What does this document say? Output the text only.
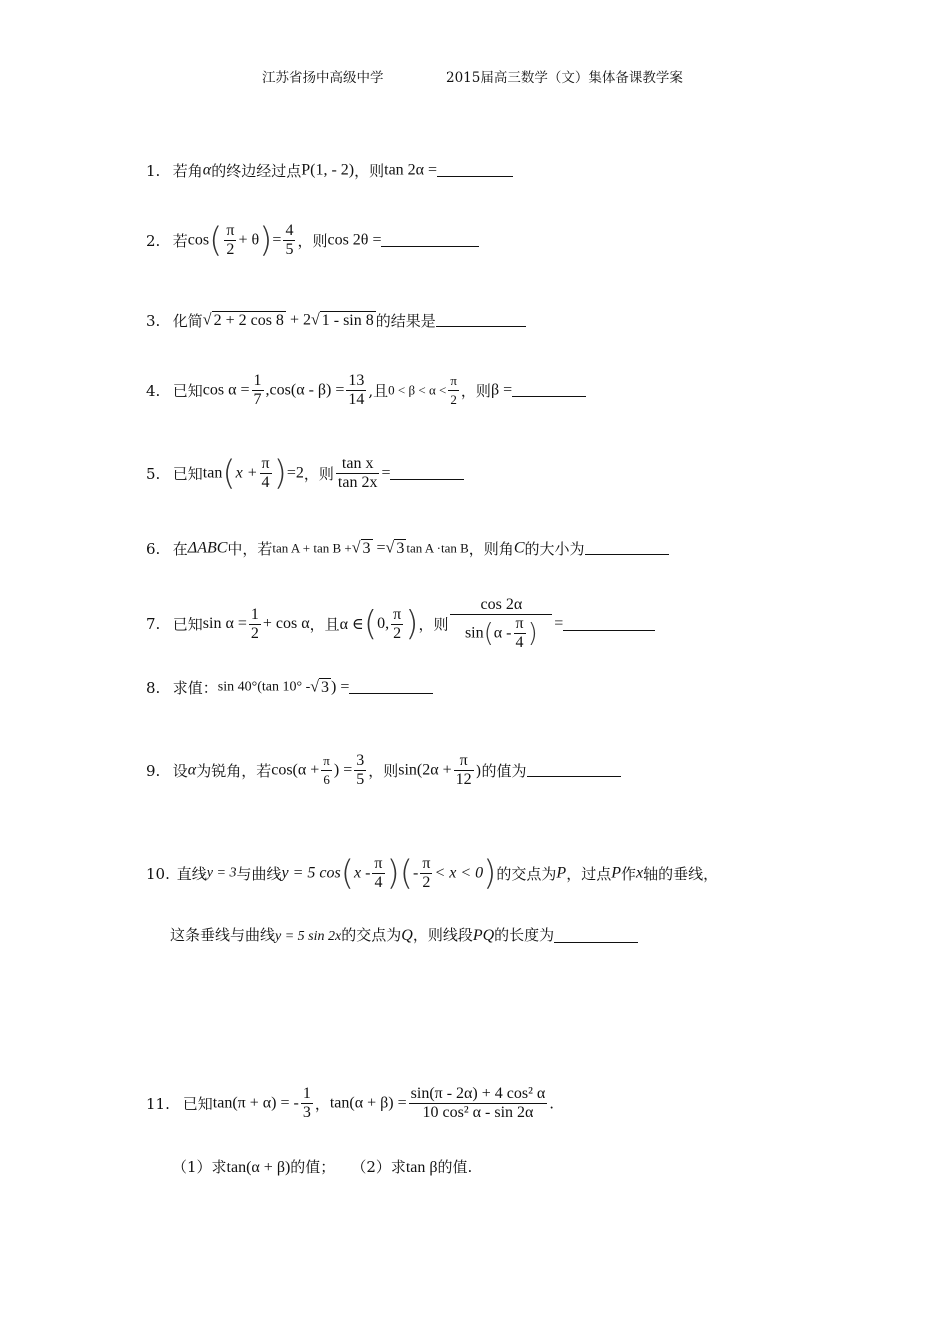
江苏省扬中高级中学	2015届高三数学（文）集体备课教学案
1. 若角α的终边经过点P(1, - 2)，则tan 2α =
2. 若$\cos( \frac{\pi}{2} + \theta)= \frac{4}{5}$ ，则cos 2θ =
3. 化简√ 2 + 2 cos 8 + 2√ 1 - sin 8 的结果是
4. 已知$\cos \alpha = \frac{1}{7} ,\cos(\alpha - \beta) = \frac{13}{14}$ ,且$0 < \beta < \alpha < \frac{\pi}{2}$ ，则β =
5. 已知$\tan(x + \frac{\pi}{4} )=2$，则 $\frac{\text{tan x}}{\tan 2x}$ =
6. 在ΔABC中，若tan A + tan B +√ 3 =√ 3 tan A ·tan B，则角C的大小为
7. 已知$\sin \alpha = \frac{1}{2} + \cos \alpha$，且α ∈(0, $\frac{\pi}{2}$ )，则 $\frac{\cos 2\alpha}{\sin(\alpha - \frac{\pi}{4} )}$ =
8. 求值：sin 40°(tan 10° -√ 3 ) =
9. 设α为锐角，若$\cos(\alpha + \frac{\pi}{6}$ ) = $\frac{3}{5}$ ，则$\sin(2\alpha + \frac{\pi}{12}$ )的值为
10. 直线y = 3与曲线y = 5 $\cos(x - \frac{\pi}{4}$ )(- $\frac{\pi}{2} < x < 0$)的交点为P，过点P作x轴的垂线，
这条垂线与曲线y = 5 sin 2x的交点为Q，则线段PQ的长度为
11. 已知tan(π + α) = - $\frac{1}{3}$ ，$\tan(\alpha + \beta) = \frac{\text{sin(π - 2α) + 4 cos² α}}{\text{10 cos² α - sin 2α}}$ .
（1）求tan(α + β)的值； （2）求tan β的值.
